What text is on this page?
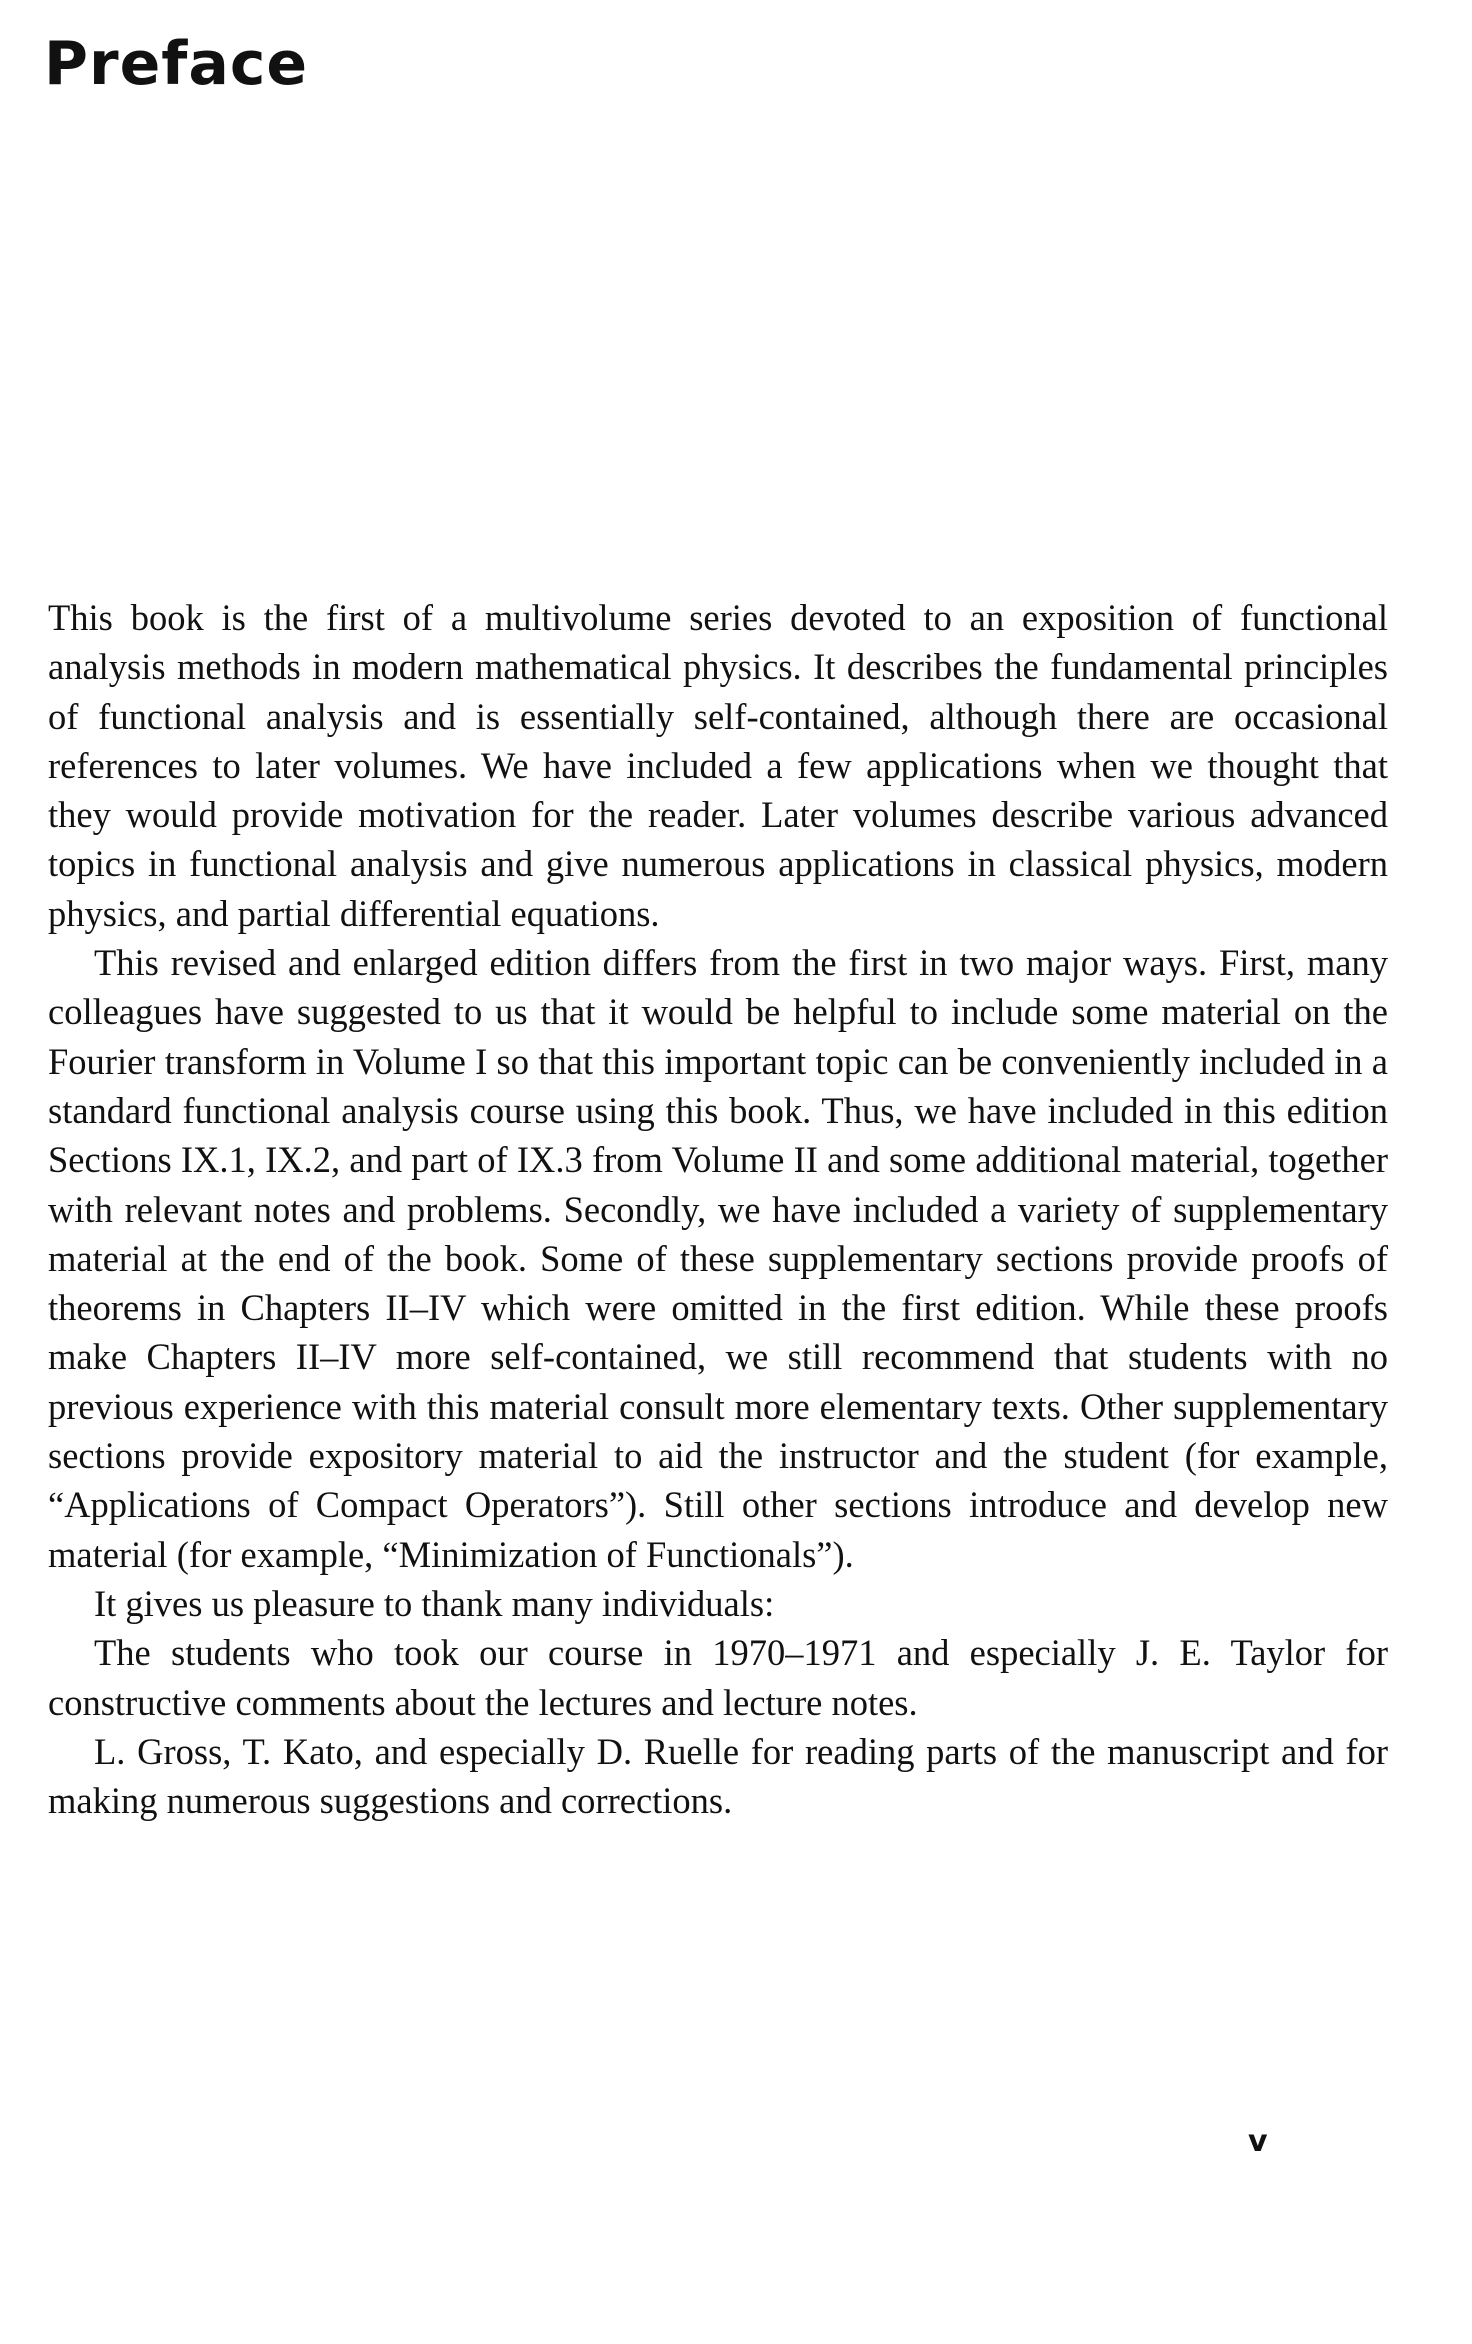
Preface

This book is the first of a multivolume series devoted to an exposition of functional analysis methods in modern mathematical physics. It describes the fundamental principles of functional analysis and is essentially self-contained, although there are occasional references to later volumes. We have included a few applications when we thought that they would provide motivation for the reader. Later volumes describe various advanced topics in functional analysis and give numerous applications in classical physics, modern physics, and partial differential equations.

This revised and enlarged edition differs from the first in two major ways. First, many colleagues have suggested to us that it would be helpful to include some material on the Fourier transform in Volume I so that this important topic can be conveniently included in a standard functional analysis course using this book. Thus, we have included in this edition Sections IX.1, IX.2, and part of IX.3 from Volume II and some additional material, together with relevant notes and problems. Secondly, we have included a variety of supplementary material at the end of the book. Some of these supplementary sections provide proofs of theorems in Chapters II–IV which were omitted in the first edition. While these proofs make Chapters II–IV more self-contained, we still recommend that students with no previous experience with this material consult more elementary texts. Other supplementary sections provide expository material to aid the instructor and the student (for example, “Applications of Compact Operators”). Still other sections introduce and develop new material (for example, “Minimization of Functionals”).

It gives us pleasure to thank many individuals:

The students who took our course in 1970–1971 and especially J. E. Taylor for constructive comments about the lectures and lecture notes.

L. Gross, T. Kato, and especially D. Ruelle for reading parts of the manuscript and for making numerous suggestions and corrections.

v
